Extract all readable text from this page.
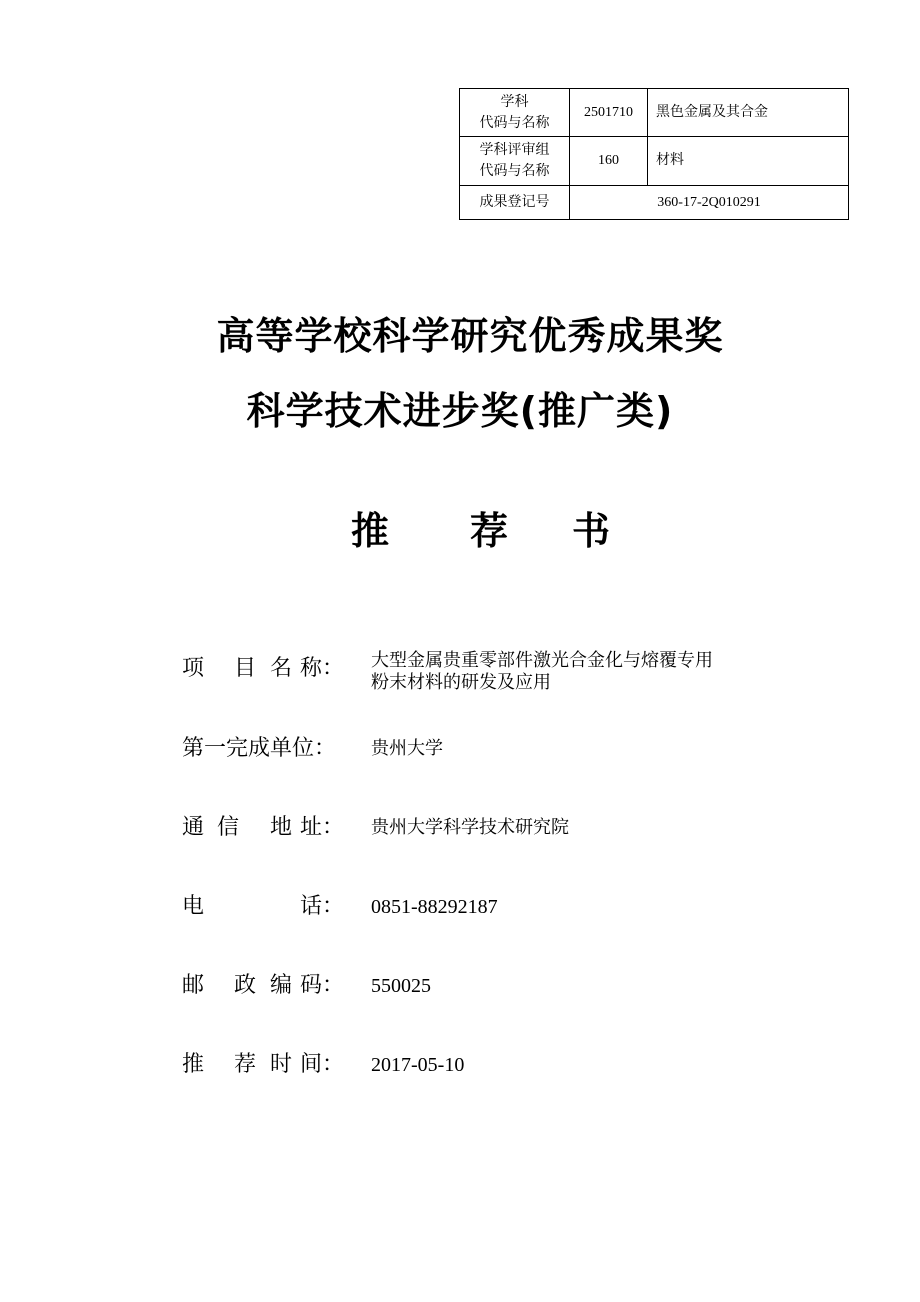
学科
代码与名称	2501710	黑色金属及其合金

学科评审组
代码与名称	160	材料
成果登记号	360-17-2Q010291	
高等学校科学研究优秀成果奖
科学技术进步奖(推广类)
推 荐 书
项 目 名 称 ： 大型金属贵重零部件激光合金化与熔覆专用
粉末材料的研发及应用
第一完成单位： 贵州大学
通 信 地 址 ： 贵州大学科学技术研究院
电	话 ： 0851-88292187
邮 政 编 码 ： 550025
推 荐 时 间 ： 2017-05-10
